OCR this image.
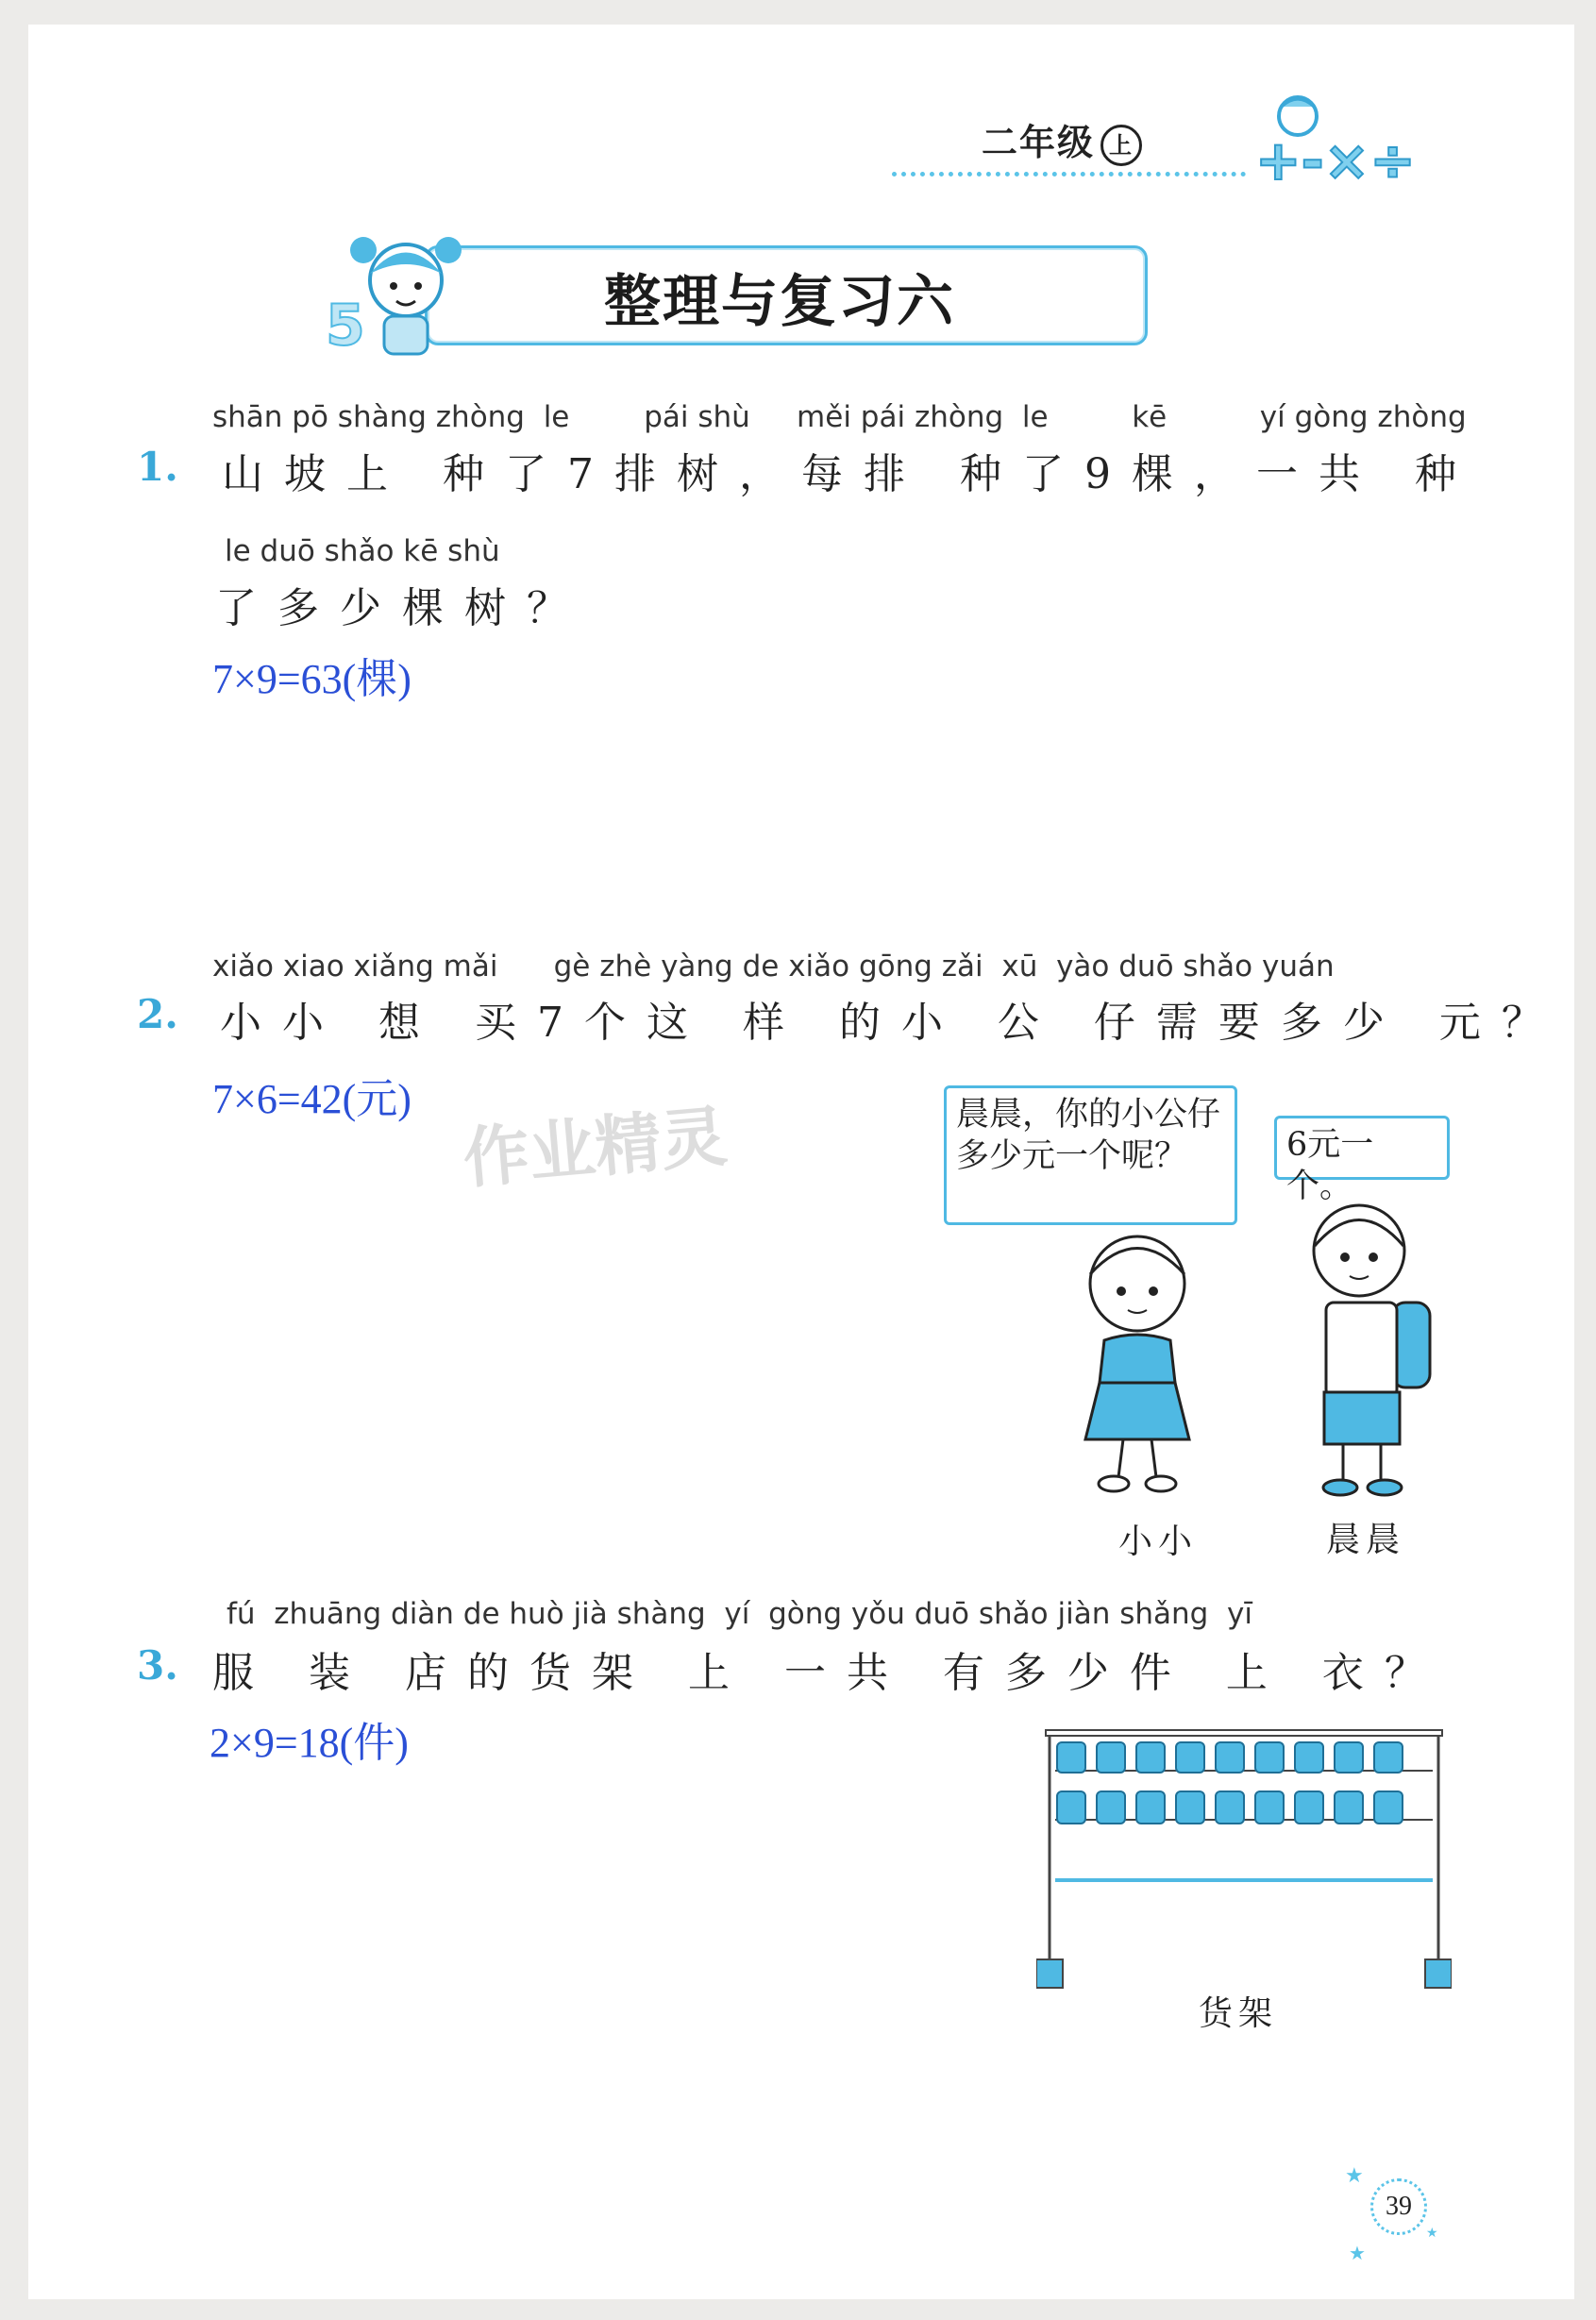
二年级 上 +-×÷
5	整理与复习六
shān pō shàng zhòng  le        pái shù     měi pái zhòng  le         kē          yí gòng zhòng
1. 山坡上 种了7排树，每排 种了9棵，一共 种
le duō shǎo kē shù
了多少棵树？
7×9=63(棵)
xiǎo xiao xiǎng mǎi      gè zhè yàng de xiǎo gōng zǎi  xū  yào duō shǎo yuán
2. 小小 想 买7个这 样 的小 公 仔需要多少 元？
7×6=42(元) 作业精灵	晨晨，你的小公仔多少元一个呢？	6元一个。
小小	晨晨
fú  zhuāng diàn de huò jià shàng  yí  gòng yǒu duō shǎo jiàn shǎng  yī
3. 服 装 店的货架 上 一共 有多少件 上 衣？
2×9=18(件)
货架
39
★
★
★
